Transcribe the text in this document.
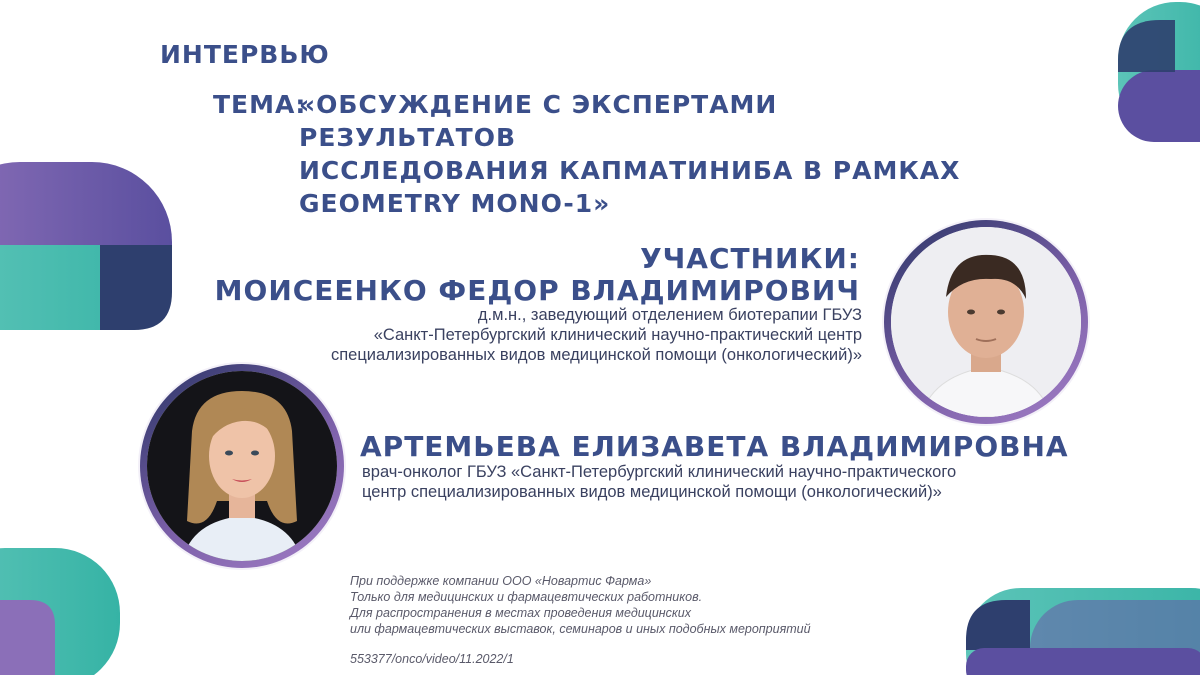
ИНТЕРВЬЮ
ТЕМА:
«ОБСУЖДЕНИЕ С ЭКСПЕРТАМИ РЕЗУЛЬТАТОВ
ИССЛЕДОВАНИЯ КАПМАТИНИБА В РАМКАХ
GEOMETRY MONO-1»
УЧАСТНИКИ:
МОИСЕЕНКО ФЕДОР ВЛАДИМИРОВИЧ
д.м.н., заведующий отделением биотерапии ГБУЗ
«Санкт-Петербургский клинический научно-практический центр
специализированных видов медицинской помощи (онкологический)»
АРТЕМЬЕВА ЕЛИЗАВЕТА ВЛАДИМИРОВНА
врач-онколог ГБУЗ «Санкт-Петербургский клинический научно-практического
центр специализированных видов медицинской помощи (онкологический)»
При поддержке компании ООО «Новартис Фарма»
Только для медицинских и фармацевтических работников.
Для распространения в местах проведения медицинских
или фармацевтических выставок, семинаров и иных подобных мероприятий
553377/onco/video/11.2022/1
